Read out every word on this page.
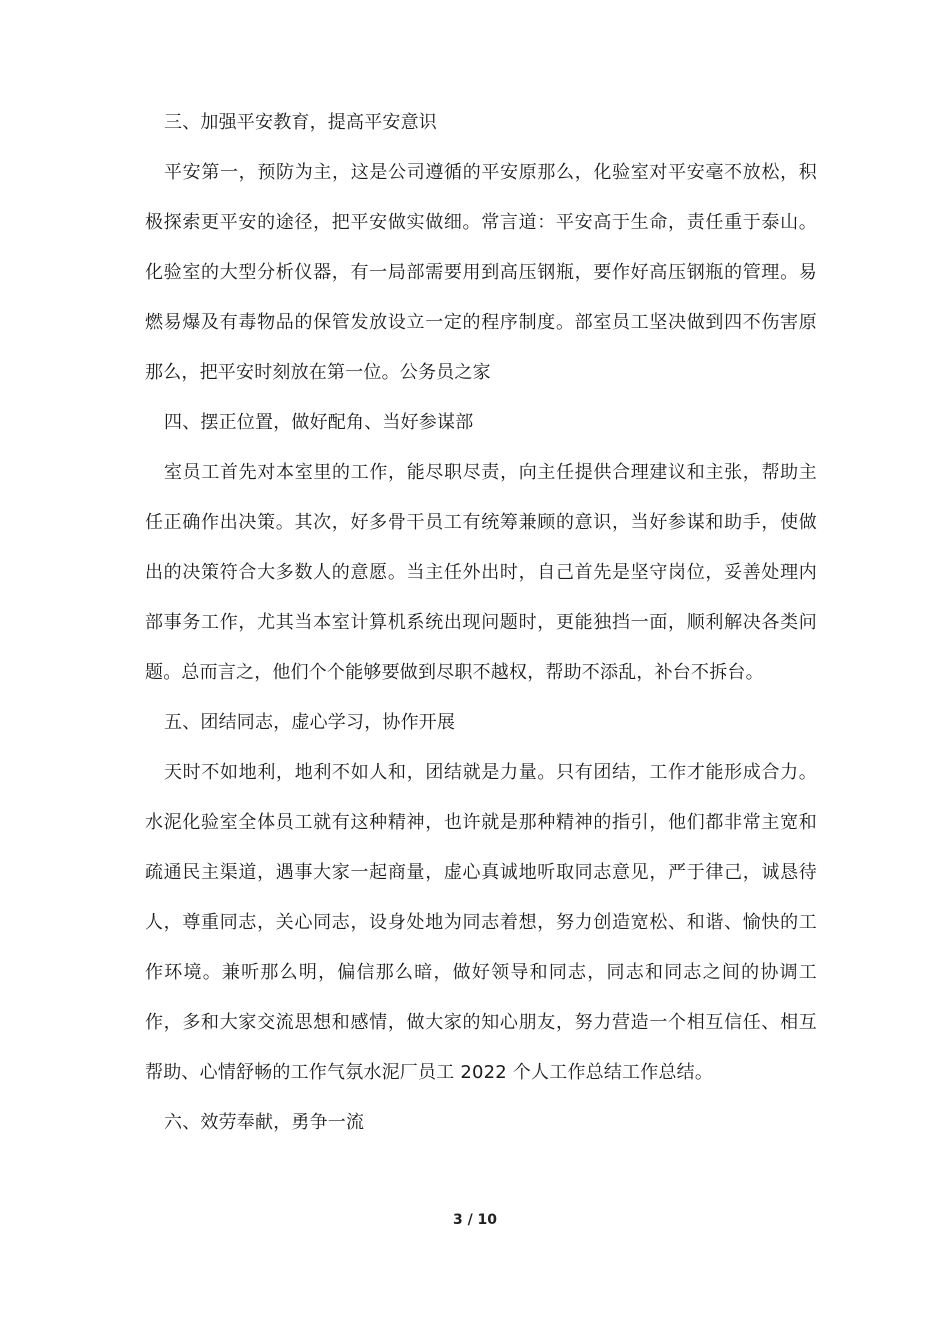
三、加强平安教育，提高平安意识

平安第一，预防为主，这是公司遵循的平安原那么，化验室对平安毫不放松，积极探索更平安的途径，把平安做实做细。常言道：平安高于生命，责任重于泰山。化验室的大型分析仪器，有一局部需要用到高压钢瓶，要作好高压钢瓶的管理。易燃易爆及有毒物品的保管发放设立一定的程序制度。部室员工坚决做到四不伤害原那么，把平安时刻放在第一位。公务员之家

四、摆正位置，做好配角、当好参谋部

室员工首先对本室里的工作，能尽职尽责，向主任提供合理建议和主张，帮助主任正确作出决策。其次，好多骨干员工有统筹兼顾的意识，当好参谋和助手，使做出的决策符合大多数人的意愿。当主任外出时，自己首先是坚守岗位，妥善处理内部事务工作，尤其当本室计算机系统出现问题时，更能独挡一面，顺利解决各类问题。总而言之，他们个个能够要做到尽职不越权，帮助不添乱，补台不拆台。

五、团结同志，虚心学习，协作开展

天时不如地利，地利不如人和，团结就是力量。只有团结，工作才能形成合力。水泥化验室全体员工就有这种精神，也许就是那种精神的指引，他们都非常主宽和疏通民主渠道，遇事大家一起商量，虚心真诚地听取同志意见，严于律己，诚恳待人，尊重同志，关心同志，设身处地为同志着想，努力创造宽松、和谐、愉快的工作环境。兼听那么明，偏信那么暗，做好领导和同志，同志和同志之间的协调工作，多和大家交流思想和感情，做大家的知心朋友，努力营造一个相互信任、相互帮助、心情舒畅的工作气氛水泥厂员工 2022 个人工作总结工作总结。

六、效劳奉献，勇争一流

3 / 10
